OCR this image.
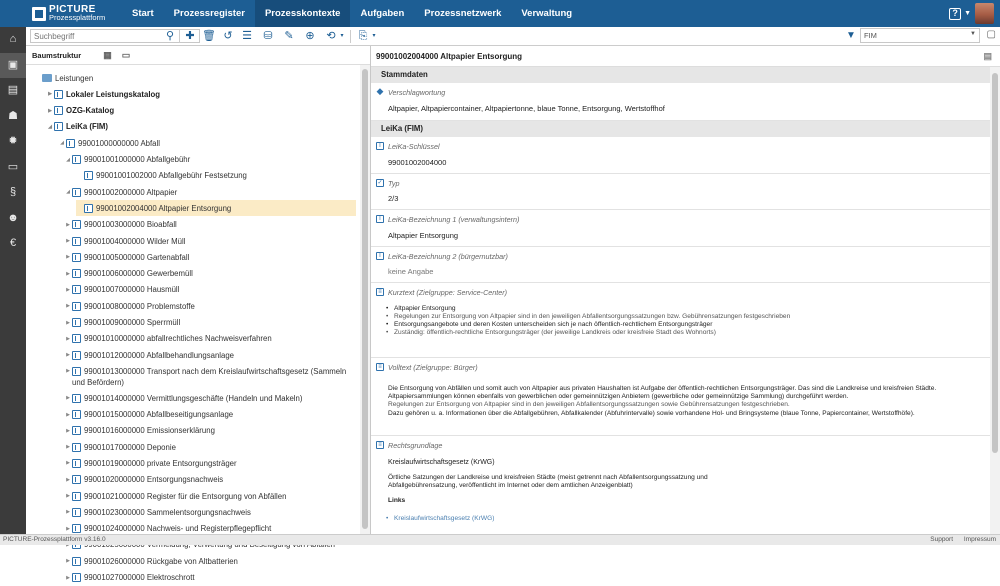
PICTURE
Prozessplattform	Start	Prozessregister	Prozesskontexte	Aufgaben	Prozessnetzwerk	Verwaltung	? ▼
⌂
▣
▤
☗
✹
▭
§
☻
€
Suchbegriff
⚲ ✚ 🗑︎ ↺ ☰ ⛁ ✎ ⊕ ⟲ ▾	⎘ ▾	▼	FIM	▼ ▢
Baumstruktur ▦ ▭
Leistungen
▶ Lokaler Leistungskatalog
▶ OZG-Katalog
◢ LeiKa (FIM)
◢ 99001000000000 Abfall
◢ 99001001000000 Abfallgebühr
99001001002000 Abfallgebühr Festsetzung
◢ 99001002000000 Altpapier
99001002004000 Altpapier Entsorgung
▶ 99001003000000 Bioabfall
▶ 99001004000000 Wilder Müll
▶ 99001005000000 Gartenabfall
▶ 99001006000000 Gewerbemüll
▶ 99001007000000 Hausmüll
▶ 99001008000000 Problemstoffe
▶ 99001009000000 Sperrmüll
▶ 99001010000000 abfallrechtliches Nachweisverfahren
▶ 99001012000000 Abfallbehandlungsanlage
▶ 99001013000000 Transport nach dem Kreislaufwirtschaftsgesetz (Sammeln
und Befördern)
▶ 99001014000000 Vermittlungsgeschäfte (Handeln und Makeln)
▶ 99001015000000 Abfallbeseitigungsanlage
▶ 99001016000000 Emissionserklärung
▶ 99001017000000 Deponie
▶ 99001019000000 private Entsorgungsträger
▶ 99001020000000 Entsorgungsnachweis
▶ 99001021000000 Register für die Entsorgung von Abfällen
▶ 99001023000000 Sammelentsorgungsnachweis
▶ 99001024000000 Nachweis- und Registerpflegepflicht
▶ 99001026000000 Rückgabe von Altbatterien
▶ 99001027000000 Elektroschrott
99001002004000 Altpapier Entsorgung	▤
Stammdaten
◆ Verschlagwortung
Altpapier, Altpapiercontainer, Altpapiertonne, blaue Tonne, Entsorgung, Wertstoffhof
LeiKa (FIM)
T LeiKa-Schlüssel
99001002004000
✓ Typ
2/3
T LeiKa-Bezeichnung 1 (verwaltungsintern)
Altpapier Entsorgung
T LeiKa-Bezeichnung 2 (bürgernutzbar)
keine Angabe
≡ Kurztext (Zielgruppe: Service-Center)
• Altpapier Entsorgung
• Regelungen zur Entsorgung von Altpapier sind in den jeweiligen Abfallentsorgungssatzungen bzw. Gebührensatzungen festgeschrieben
• Entsorgungsangebote und deren Kosten unterscheiden sich je nach öffentlich-rechtlichem Entsorgungsträger
• Zuständig: öffentlich-rechtliche Entsorgungsträger (der jeweilige Landkreis oder kreisfreie Stadt des Wohnorts)
≡ Volltext (Zielgruppe: Bürger)
Die Entsorgung von Abfällen und somit auch von Altpapier aus privaten Haushalten ist Aufgabe der öffentlich-rechtlichen Entsorgungsträger. Das sind die Landkreise und kreisfreien Städte.
Altpapiersammlungen können ebenfalls von gewerblichen oder gemeinnützigen Anbietern (gewerbliche oder gemeinnützige Sammlung) durchgeführt werden.
Regelungen zur Entsorgung von Altpapier sind in den jeweiligen Abfallentsorgungssatzungen sowie Gebührensatzungen festgeschrieben.
Dazu gehören u. a. Informationen über die Abfallgebühren, Abfallkalender (Abfuhrintervalle) sowie vorhandene Hol- und Bringsysteme (blaue Tonne, Papiercontainer, Wertstoffhöfe).
≡ Rechtsgrundlage
Kreislaufwirtschaftsgesetz (KrWG)
Örtliche Satzungen der Landkreise und kreisfreien Städte (meist getrennt nach Abfallentsorgungssatzung und Abfallgebührensatzung, veröffentlicht im Internet oder dem amtlichen Anzeigenblatt)
Links
• Kreislaufwirtschaftsgesetz (KrWG)
PICTURE-Prozessplattform v3.16.0	Support Impressum
